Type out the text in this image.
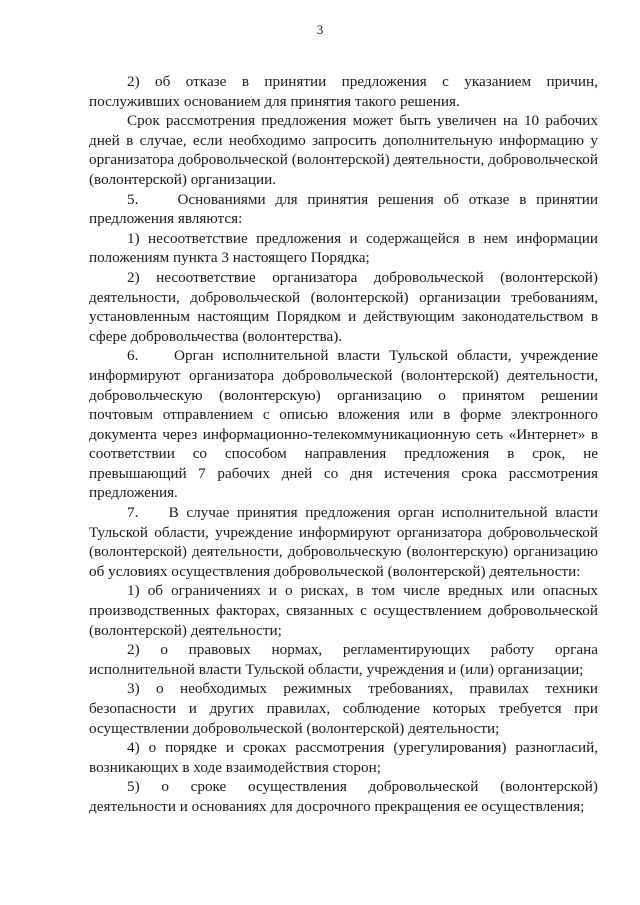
3

2) об отказе в принятии предложения с указанием причин, послуживших основанием для принятия такого решения.

Срок рассмотрения предложения может быть увеличен на 10 рабочих дней в случае, если необходимо запросить дополнительную информацию у организатора добровольческой (волонтерской) деятельности, добровольческой (волонтерской) организации.

5.    Основаниями для принятия решения об отказе в принятии предложения являются:

1) несоответствие предложения и содержащейся в нем информации положениям пункта 3 настоящего Порядка;

2) несоответствие организатора добровольческой (волонтерской) деятельности, добровольческой (волонтерской) организации требованиям, установленным настоящим Порядком и действующим законодательством в сфере добровольчества (волонтерства).

6.    Орган исполнительной власти Тульской области, учреждение информируют организатора добровольческой (волонтерской) деятельности, добровольческую (волонтерскую) организацию о принятом решении почтовым отправлением с описью вложения или в форме электронного документа через информационно-телекоммуникационную сеть «Интернет» в соответствии со способом направления предложения в срок, не превышающий 7 рабочих дней со дня истечения срока рассмотрения предложения.

7.    В случае принятия предложения орган исполнительной власти Тульской области, учреждение информируют организатора добровольческой (волонтерской) деятельности, добровольческую (волонтерскую) организацию об условиях осуществления добровольческой (волонтерской) деятельности:

1) об ограничениях и о рисках, в том числе вредных или опасных производственных факторах, связанных с осуществлением добровольческой (волонтерской) деятельности;

2) о правовых нормах, регламентирующих работу органа исполнительной власти Тульской области, учреждения и (или) организации;

3) о необходимых режимных требованиях, правилах техники безопасности и других правилах, соблюдение которых требуется при осуществлении добровольческой (волонтерской) деятельности;

4) о порядке и сроках рассмотрения (урегулирования) разногласий, возникающих в ходе взаимодействия сторон;

5) о сроке осуществления добровольческой (волонтерской) деятельности и основаниях для досрочного прекращения ее осуществления;
